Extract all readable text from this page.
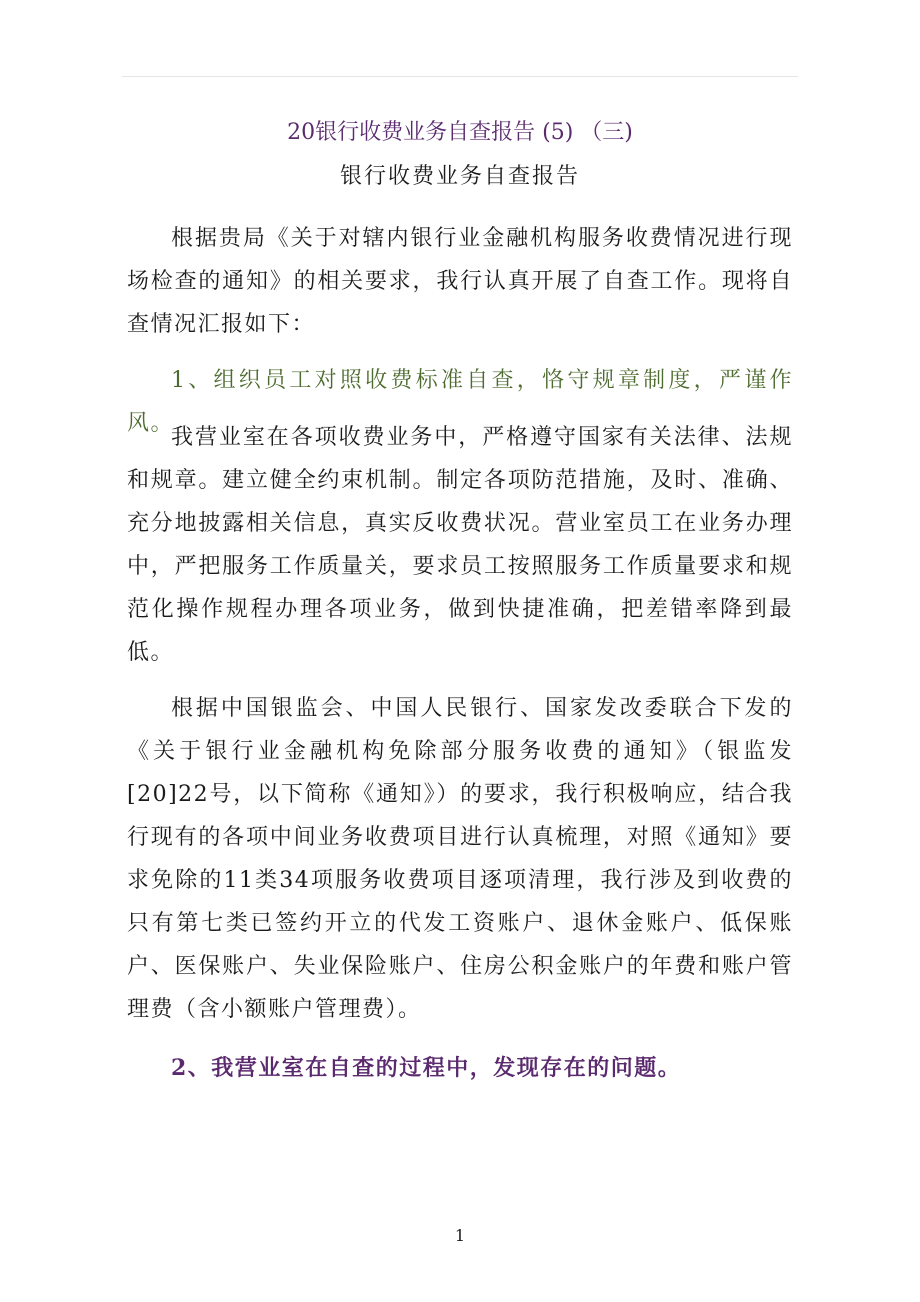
20银行收费业务自查报告 (5) （三)
银行收费业务自查报告

根据贵局《关于对辖内银行业金融机构服务收费情况进行现场检查的通知》的相关要求，我行认真开展了自查工作。现将自查情况汇报如下：

1、组织员工对照收费标准自查，恪守规章制度，严谨作风。

我营业室在各项收费业务中，严格遵守国家有关法律、法规和规章。建立健全约束机制。制定各项防范措施，及时、准确、充分地披露相关信息，真实反收费状况。营业室员工在业务办理中，严把服务工作质量关，要求员工按照服务工作质量要求和规范化操作规程办理各项业务，做到快捷准确，把差错率降到最低。

根据中国银监会、中国人民银行、国家发改委联合下发的《关于银行业金融机构免除部分服务收费的通知》（银监发[20]22号，以下简称《通知》）的要求，我行积极响应，结合我行现有的各项中间业务收费项目进行认真梳理，对照《通知》要求免除的11类34项服务收费项目逐项清理，我行涉及到收费的只有第七类已签约开立的代发工资账户、退休金账户、低保账户、医保账户、失业保险账户、住房公积金账户的年费和账户管理费（含小额账户管理费）。

2、我营业室在自查的过程中，发现存在的问题。

1
